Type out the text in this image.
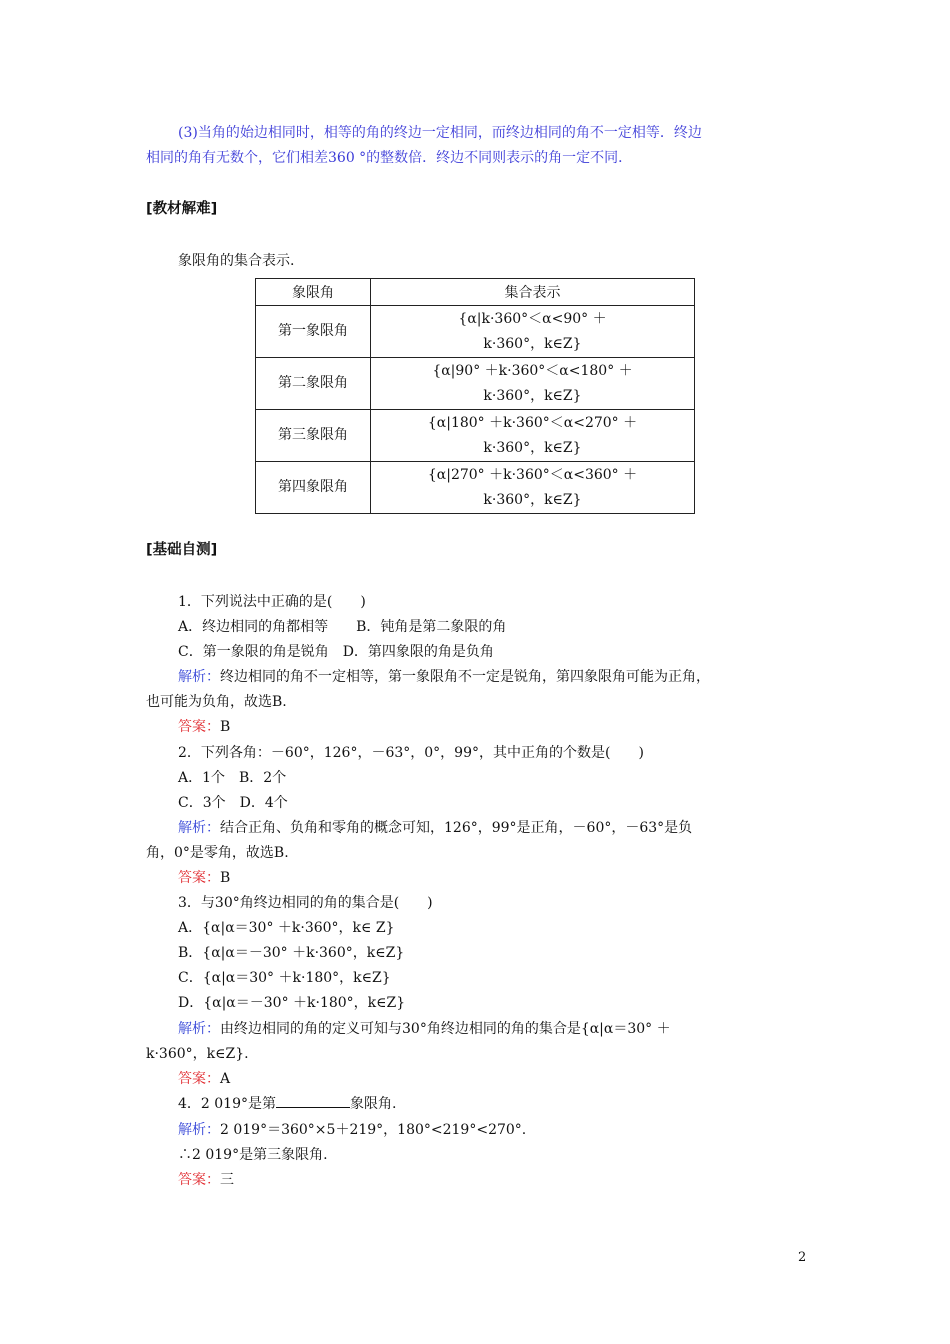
(3)当角的始边相同时，相等的角的终边一定相同，而终边相同的角不一定相等．终边
相同的角有无数个，它们相差360 °的整数倍．终边不同则表示的角一定不同．
[教材解难]
象限角的集合表示.
象限角	集合表示
第一象限角	{α|k·360°＜α<90° ＋
k·360°，k∈Z}

第二象限角	{α|90° ＋k·360°＜α<180° ＋
k·360°，k∈Z}

第三象限角	{α|180° ＋k·360°＜α<270° ＋
k·360°，k∈Z}

第四象限角	{α|270° ＋k·360°＜α<360° ＋
k·360°，k∈Z}
[基础自测]
1．下列说法中正确的是(　　)
A．终边相同的角都相等　　B．钝角是第二象限的角
C．第一象限的角是锐角　D．第四象限的角是负角
解析：终边相同的角不一定相等，第一象限角不一定是锐角，第四象限角可能为正角，
也可能为负角，故选B.
答案：B
2．下列各角：－60°，126°，－63°，0°，99°，其中正角的个数是(　　)
A．1个　B．2个
C．3个　D．4个
解析：结合正角、负角和零角的概念可知，126°，99°是正角，－60°，－63°是负
角，0°是零角，故选B.
答案：B
3．与30°角终边相同的角的集合是(　　)
A．{α|α＝30° ＋k·360°，k∈ Z}
B．{α|α＝－30° ＋k·360°，k∈Z}
C．{α|α＝30° ＋k·180°，k∈Z}
D．{α|α＝－30° ＋k·180°，k∈Z}
解析：由终边相同的角的定义可知与30°角终边相同的角的集合是{α|α＝30° ＋
k·360°，k∈Z}.
答案：A
4．2 019°是第	象限角.
解析：2 019°＝360°×5＋219°，180°<219°<270°.
∴2 019°是第三象限角.
答案：三
2
